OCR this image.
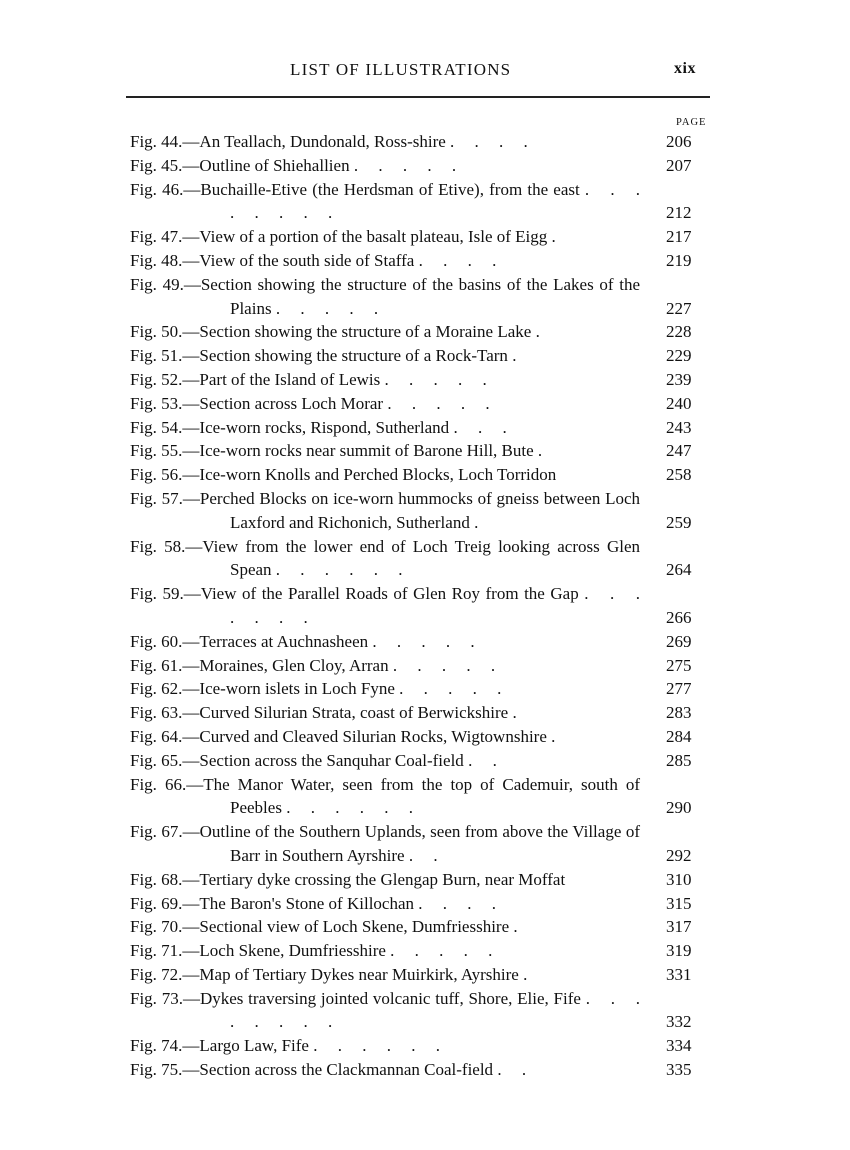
LIST OF ILLUSTRATIONS	xix
PAGE
Fig. 44.—An Teallach, Dundonald, Ross-shire . . . .	206
Fig. 45.—Outline of Shiehallien . . . . .	207
Fig. 46.—Buchaille-Etive (the Herdsman of Etive), from the east . . . . . . . .	212
Fig. 47.—View of a portion of the basalt plateau, Isle of Eigg .	217
Fig. 48.—View of the south side of Staffa . . . .	219
Fig. 49.—Section showing the structure of the basins of the Lakes of the Plains . . . . .	227
Fig. 50.—Section showing the structure of a Moraine Lake .	228
Fig. 51.—Section showing the structure of a Rock-Tarn .	229
Fig. 52.—Part of the Island of Lewis . . . . .	239
Fig. 53.—Section across Loch Morar . . . . .	240
Fig. 54.—Ice-worn rocks, Rispond, Sutherland . . .	243
Fig. 55.—Ice-worn rocks near summit of Barone Hill, Bute .	247
Fig. 56.—Ice-worn Knolls and Perched Blocks, Loch Torridon	258
Fig. 57.—Perched Blocks on ice-worn hummocks of gneiss between Loch Laxford and Richonich, Sutherland .	259
Fig. 58.—View from the lower end of Loch Treig looking across Glen Spean . . . . . .	264
Fig. 59.—View of the Parallel Roads of Glen Roy from the Gap . . . . . . .	266
Fig. 60.—Terraces at Auchnasheen . . . . .	269
Fig. 61.—Moraines, Glen Cloy, Arran . . . . .	275
Fig. 62.—Ice-worn islets in Loch Fyne . . . . .	277
Fig. 63.—Curved Silurian Strata, coast of Berwickshire .	283
Fig. 64.—Curved and Cleaved Silurian Rocks, Wigtownshire .	284
Fig. 65.—Section across the Sanquhar Coal-field . .	285
Fig. 66.—The Manor Water, seen from the top of Cademuir, south of Peebles . . . . . .	290
Fig. 67.—Outline of the Southern Uplands, seen from above the Village of Barr in Southern Ayrshire . .	292
Fig. 68.—Tertiary dyke crossing the Glengap Burn, near Moffat	310
Fig. 69.—The Baron's Stone of Killochan . . . .	315
Fig. 70.—Sectional view of Loch Skene, Dumfriesshire .	317
Fig. 71.—Loch Skene, Dumfriesshire . . . . .	319
Fig. 72.—Map of Tertiary Dykes near Muirkirk, Ayrshire .	331
Fig. 73.—Dykes traversing jointed volcanic tuff, Shore, Elie, Fife . . . . . . . .	332
Fig. 74.—Largo Law, Fife . . . . . .	334
Fig. 75.—Section across the Clackmannan Coal-field . .	335
